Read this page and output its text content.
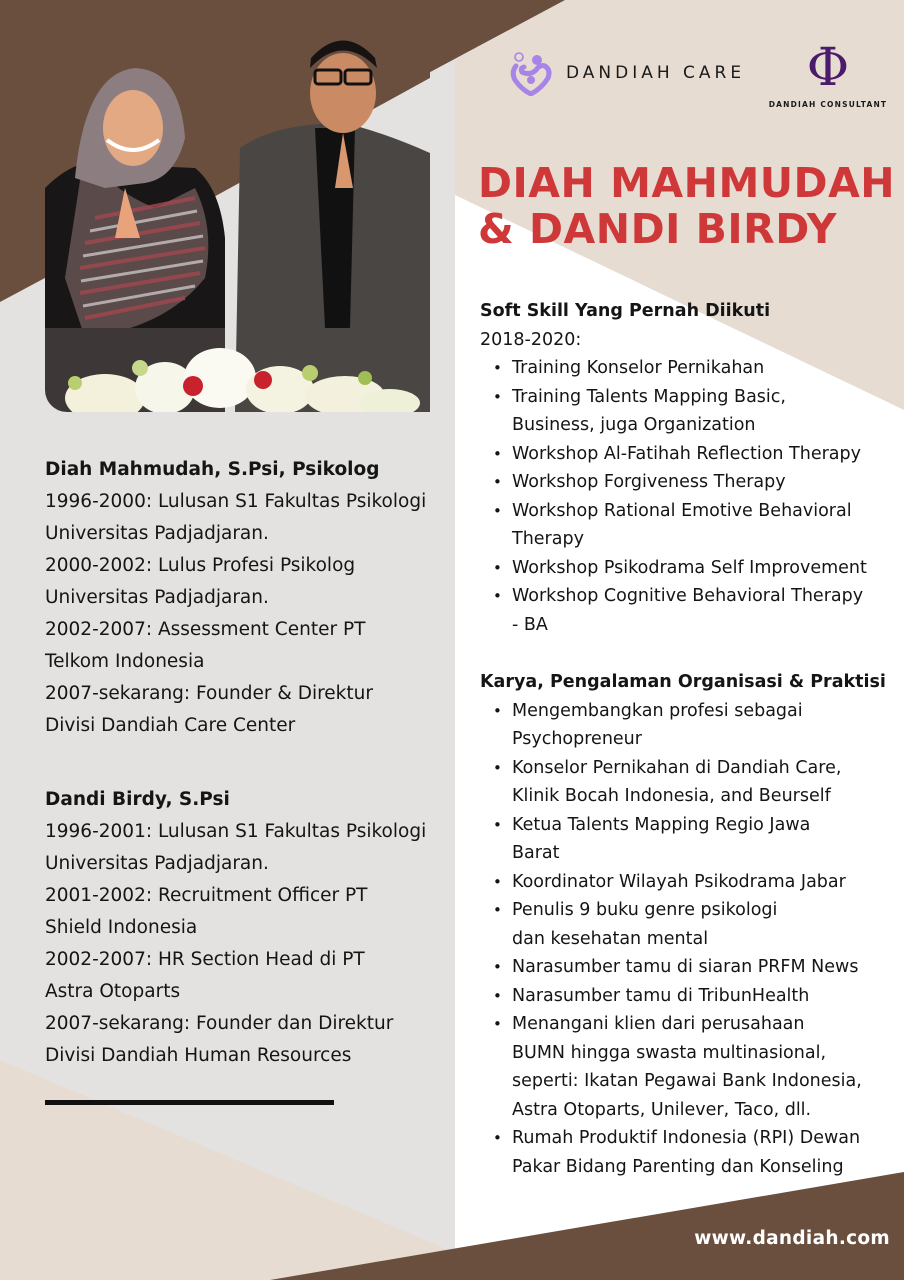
DANDIAH CARE	Φ
DANDIAH CONSULTANT
DIAH MAHMUDAH
& DANDI BIRDY
Diah Mahmudah, S.Psi, Psikolog
1996-2000: Lulusan S1 Fakultas Psikologi
Universitas Padjadjaran.
2000-2002: Lulus Profesi Psikolog
Universitas Padjadjaran.
2002-2007: Assessment Center PT
Telkom Indonesia
2007-sekarang: Founder & Direktur
Divisi Dandiah Care Center
Dandi Birdy, S.Psi
1996-2001: Lulusan S1 Fakultas Psikologi
Universitas Padjadjaran.
2001-2002: Recruitment Officer PT
Shield Indonesia
2002-2007: HR Section Head di PT
Astra Otoparts
2007-sekarang: Founder dan Direktur
Divisi Dandiah Human Resources
Soft Skill Yang Pernah Diikuti
2018-2020:
• Training Konselor Pernikahan
• Training Talents Mapping Basic, Business, juga Organization
• Workshop Al-Fatihah Reflection Therapy
• Workshop Forgiveness Therapy
• Workshop Rational Emotive Behavioral Therapy
• Workshop Psikodrama Self Improvement
• Workshop Cognitive Behavioral Therapy - BA
Karya, Pengalaman Organisasi & Praktisi
• Mengembangkan profesi sebagai Psychopreneur
• Konselor Pernikahan di Dandiah Care, Klinik Bocah Indonesia, and Beurself
• Ketua Talents Mapping Regio Jawa Barat
• Koordinator Wilayah Psikodrama Jabar
• Penulis 9 buku genre psikologi dan kesehatan mental
• Narasumber tamu di siaran PRFM News
• Narasumber tamu di TribunHealth
• Menangani klien dari perusahaan BUMN hingga swasta multinasional, seperti: Ikatan Pegawai Bank Indonesia, Astra Otoparts, Unilever, Taco, dll.
• Rumah Produktif Indonesia (RPI) Dewan Pakar Bidang Parenting dan Konseling
www.dandiah.com
